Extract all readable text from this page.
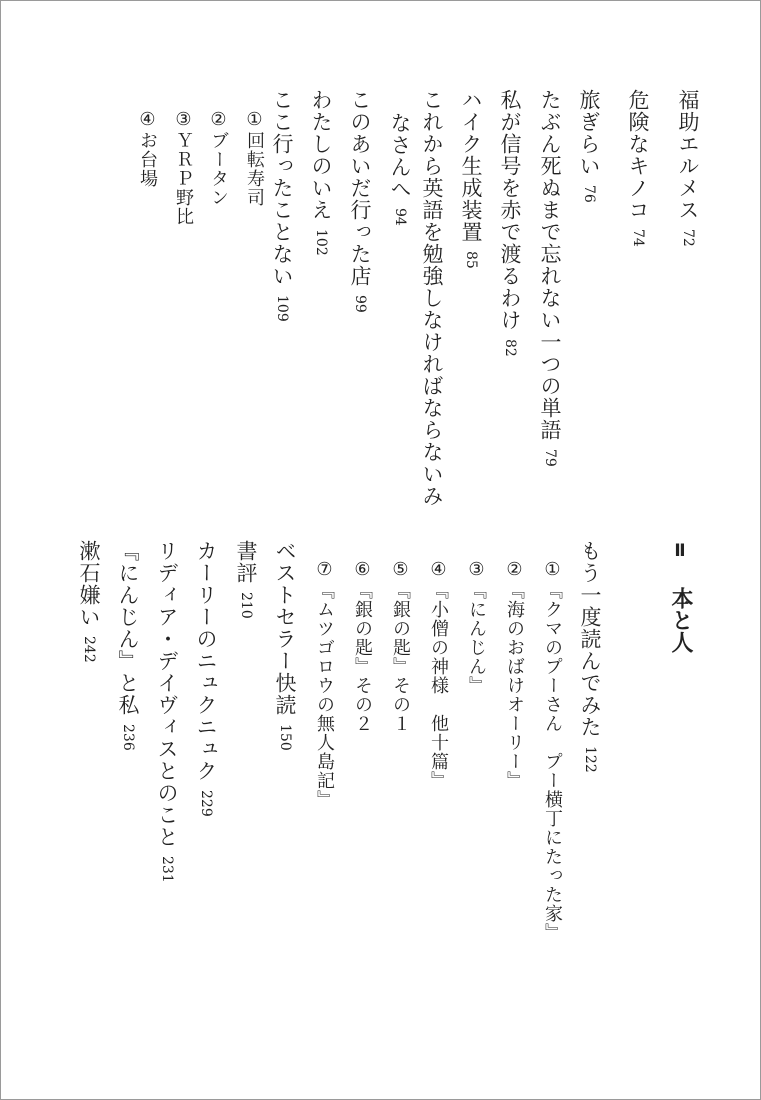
福助エルメス72
危険なキノコ74
旅ぎらい76
たぶん死ぬまで忘れない一つの単語79
私が信号を赤で渡るわけ82
ハイク生成装置85
これから英語を勉強しなければならないみ
なさんへ94
このあいだ行った店99
わたしのいえ102
ここ行ったことない109
①回転寿司
②ブータン
③ＹＲＰ野比
④お台場
Ⅱ本と人
もう一度読んでみた122
①『クマのプーさん　プー横丁にたった家』
②『海のおばけオーリー』
③『にんじん』
④『小僧の神様　他十篇』
⑤『銀の匙』その１
⑥『銀の匙』その２
⑦『ムツゴロウの無人島記』
ベストセラー快読150
書評210
カーリーのニュクニュク229
リディア・デイヴィスとのこと231
『にんじん』と私236
漱石嫌い242
